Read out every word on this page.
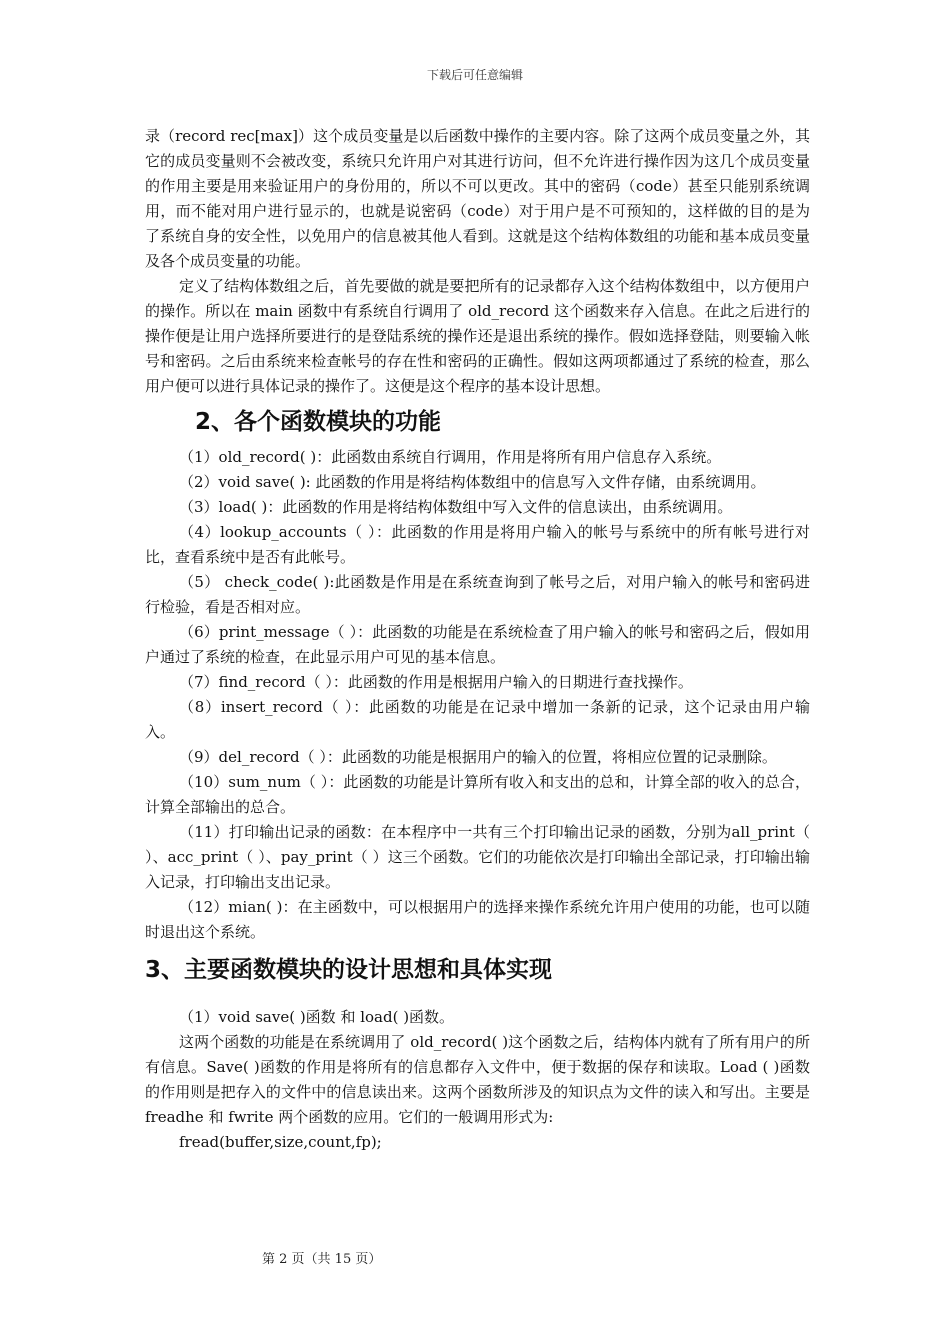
下载后可任意编辑

录（record rec[max]）这个成员变量是以后函数中操作的主要内容。除了这两个成员变量之外，其它的成员变量则不会被改变，系统只允许用户对其进行访问，但不允许进行操作因为这几个成员变量的作用主要是用来验证用户的身份用的，所以不可以更改。其中的密码（code）甚至只能别系统调用，而不能对用户进行显示的，也就是说密码（code）对于用户是不可预知的，这样做的目的是为了系统自身的安全性，以免用户的信息被其他人看到。这就是这个结构体数组的功能和基本成员变量及各个成员变量的功能。

定义了结构体数组之后，首先要做的就是要把所有的记录都存入这个结构体数组中，以方便用户的操作。所以在 main 函数中有系统自行调用了 old_record 这个函数来存入信息。在此之后进行的操作便是让用户选择所要进行的是登陆系统的操作还是退出系统的操作。假如选择登陆，则要输入帐号和密码。之后由系统来检查帐号的存在性和密码的正确性。假如这两项都通过了系统的检查，那么用户便可以进行具体记录的操作了。这便是这个程序的基本设计思想。

2、各个函数模块的功能

（1）old_record( )：此函数由系统自行调用，作用是将所有用户信息存入系统。

（2）void save( ): 此函数的作用是将结构体数组中的信息写入文件存储，由系统调用。

（3）load( )：此函数的作用是将结构体数组中写入文件的信息读出，由系统调用。

（4）lookup_accounts（ ）：此函数的作用是将用户输入的帐号与系统中的所有帐号进行对比，查看系统中是否有此帐号。

（5） check_code( ):此函数是作用是在系统查询到了帐号之后，对用户输入的帐号和密码进行检验，看是否相对应。

（6）print_message（ ）：此函数的功能是在系统检查了用户输入的帐号和密码之后，假如用户通过了系统的检查，在此显示用户可见的基本信息。

（7）find_record（ ）：此函数的作用是根据用户输入的日期进行查找操作。

（8）insert_record（ ）：此函数的功能是在记录中增加一条新的记录，这个记录由用户输入。

（9）del_record（ ）：此函数的功能是根据用户的输入的位置，将相应位置的记录删除。

（10）sum_num（ ）：此函数的功能是计算所有收入和支出的总和，计算全部的收入的总合，计算全部输出的总合。

（11）打印输出记录的函数：在本程序中一共有三个打印输出记录的函数，分别为all_print（ ）、acc_print（ ）、pay_print（ ）这三个函数。它们的功能依次是打印输出全部记录，打印输出输入记录，打印输出支出记录。

（12）mian( )：在主函数中，可以根据用户的选择来操作系统允许用户使用的功能，也可以随时退出这个系统。

3、主要函数模块的设计思想和具体实现

（1）void save( )函数 和 load( )函数。

这两个函数的功能是在系统调用了 old_record( )这个函数之后，结构体内就有了所有用户的所有信息。Save( )函数的作用是将所有的信息都存入文件中，便于数据的保存和读取。Load ( )函数的作用则是把存入的文件中的信息读出来。这两个函数所涉及的知识点为文件的读入和写出。主要是 freadhe 和 fwrite 两个函数的应用。它们的一般调用形式为:

fread(buffer,size,count,fp);

第 2 页（共 15 页）
